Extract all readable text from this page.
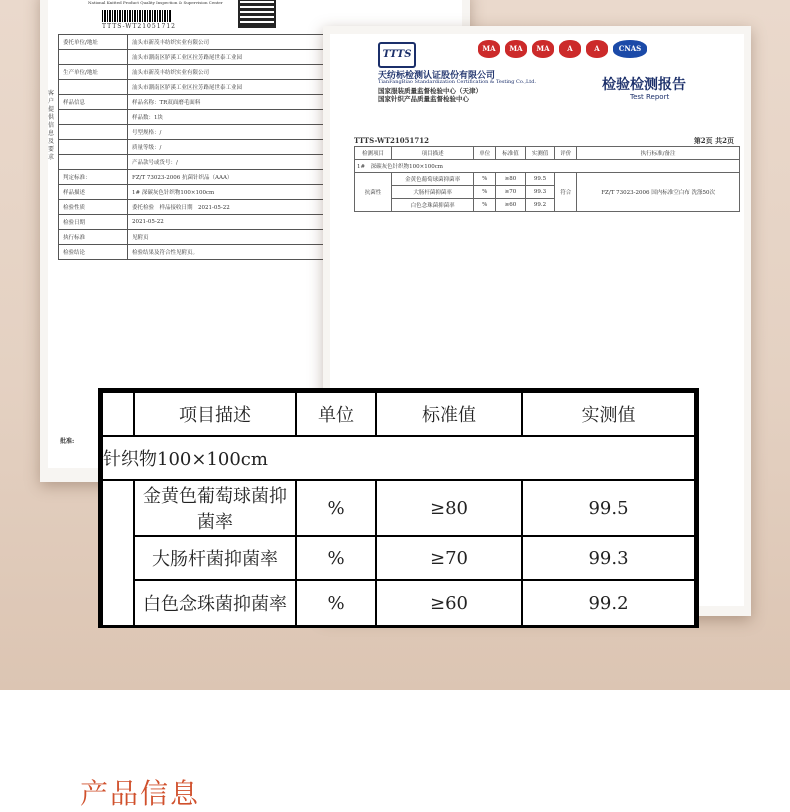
National Knitted Product Quality Inspection & Supervision Center
TTTS-WT21051712
委托单位/地址	汕头市新茂丰纺织实业有限公司
	汕头市潮南区胪溪工业区拉芳路尾世泰工业园
生产单位/地址	汕头市新茂丰纺织实业有限公司
	汕头市潮南区胪溪工业区拉芳路尾世泰工业园
样品信息	样品名称：TR双面磨毛面料
	样品数：1块
	号型规格：/
	质量等级：/
	产品款号或货号：/
判定标准：	FZ/T 73023-2006 抗菌针织品（AAA）
样品描述	1# 深碳灰色针织物100×100cm
检验性质	委托检验　样品接收日期　2021-05-22
检验日期	2021-05-22
执行标准	见附页
检验结论	检验结果及符合性见附页。
客户提供信息及要求
批准:
TTTS
MA	MA	MA	A	A	CNAS
天纺标检测认证股份有限公司
TianFangBiao Standardization Certification & Testing Co.,Ltd.
国家服装质量监督检验中心（天津）
国家针织产品质量监督检验中心
检验检测报告
Test Report
TTTS-WT21051712	第2页 共2页
检测项目	项目描述	单位	标准值	实测值	评价	执行标准/备注
1#　深碳灰色针织物100×100cm						
抗菌性	金黄色葡萄球菌抑菌率	%	≥80	99.5	符合	FZ/T 73023-2006 国内标准空白布 洗涤50次
	大肠杆菌抑菌率	%	≥70	99.3		
	白色念珠菌抑菌率	%	≥60	99.2		
	项目描述	单位	标准值	实测值
针织物100×100cm				
	金黄色葡萄球菌抑菌率	%	≥80	99.5
	大肠杆菌抑菌率	%	≥70	99.3
	白色念珠菌抑菌率	%	≥60	99.2
产品信息
